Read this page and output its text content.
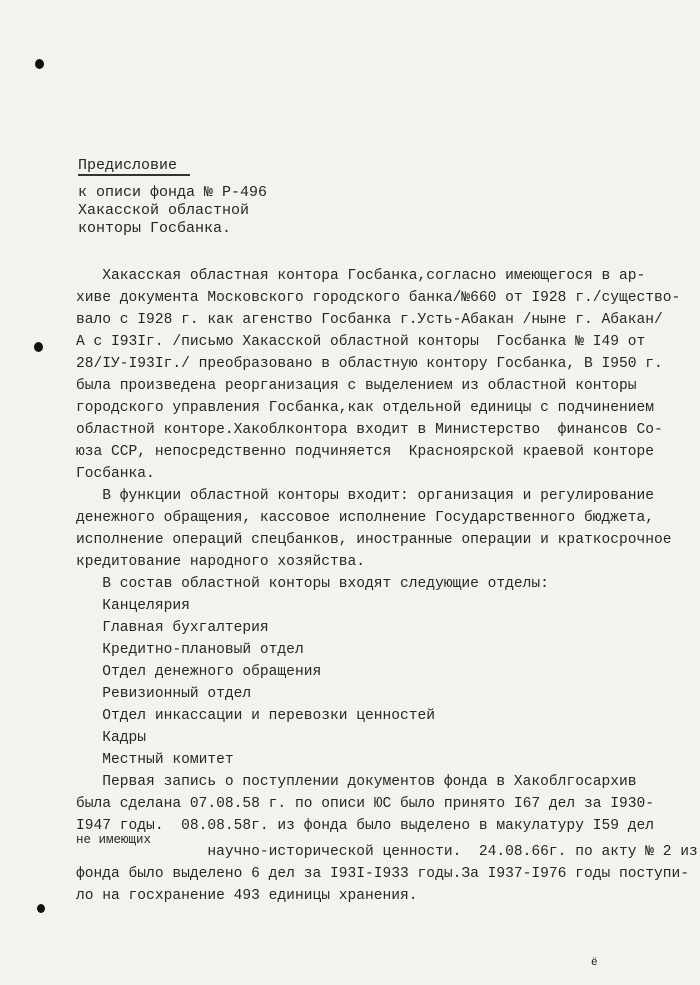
Предисловие
к описи фонда № Р-496
Хакасской областной
конторы Госбанка.
Хакасская областная контора Госбанка,согласно имеющегося в ар-
хиве документа Московского городского банка/№660 от I928 г./существо-
вало с I928 г. как агенство Госбанка г.Усть-Абакан /ныне г. Абакан/
А с I93Iг. /письмо Хакасской областной конторы  Госбанка № I49 от
28/IУ-I93Iг./ преобразовано в областную контору Госбанка, В I950 г.
была произведена реорганизация с выделением из областной конторы
городского управления Госбанка,как отдельной единицы с подчинением
областной конторе.Хакоблконтора входит в Министерство  финансов Со-
юза ССР, непосредственно подчиняется  Красноярской краевой конторе
Госбанка.
В функции областной конторы входит: организация и регулирование
денежного обращения, кассовое исполнение Государственного бюджета,
исполнение операций спецбанков, иностранные операции и краткосрочное
кредитование народного хозяйства.
В состав областной конторы входят следующие отделы:
Канцелярия
Главная бухгалтерия
Кредитно-плановый отдел
Отдел денежного обращения
Ревизионный отдел
Отдел инкассации и перевозки ценностей
Кадры
Местный комитет
Первая запись о поступлении документов фонда в Хакоблгосархив
была сделана 07.08.58 г. по описи ЮС было принято I67 дел за I930-
I947 годы.  08.08.58г. из фонда было выделено в макулатуру I59 дел
не имеющих
научно-исторической ценности.  24.08.66г. по акту № 2 из
фонда было выделено 6 дел за I93I-I933 годы.За I937-I976 годы поступи-
ло на госхранение 493 единицы хранения.
ё
